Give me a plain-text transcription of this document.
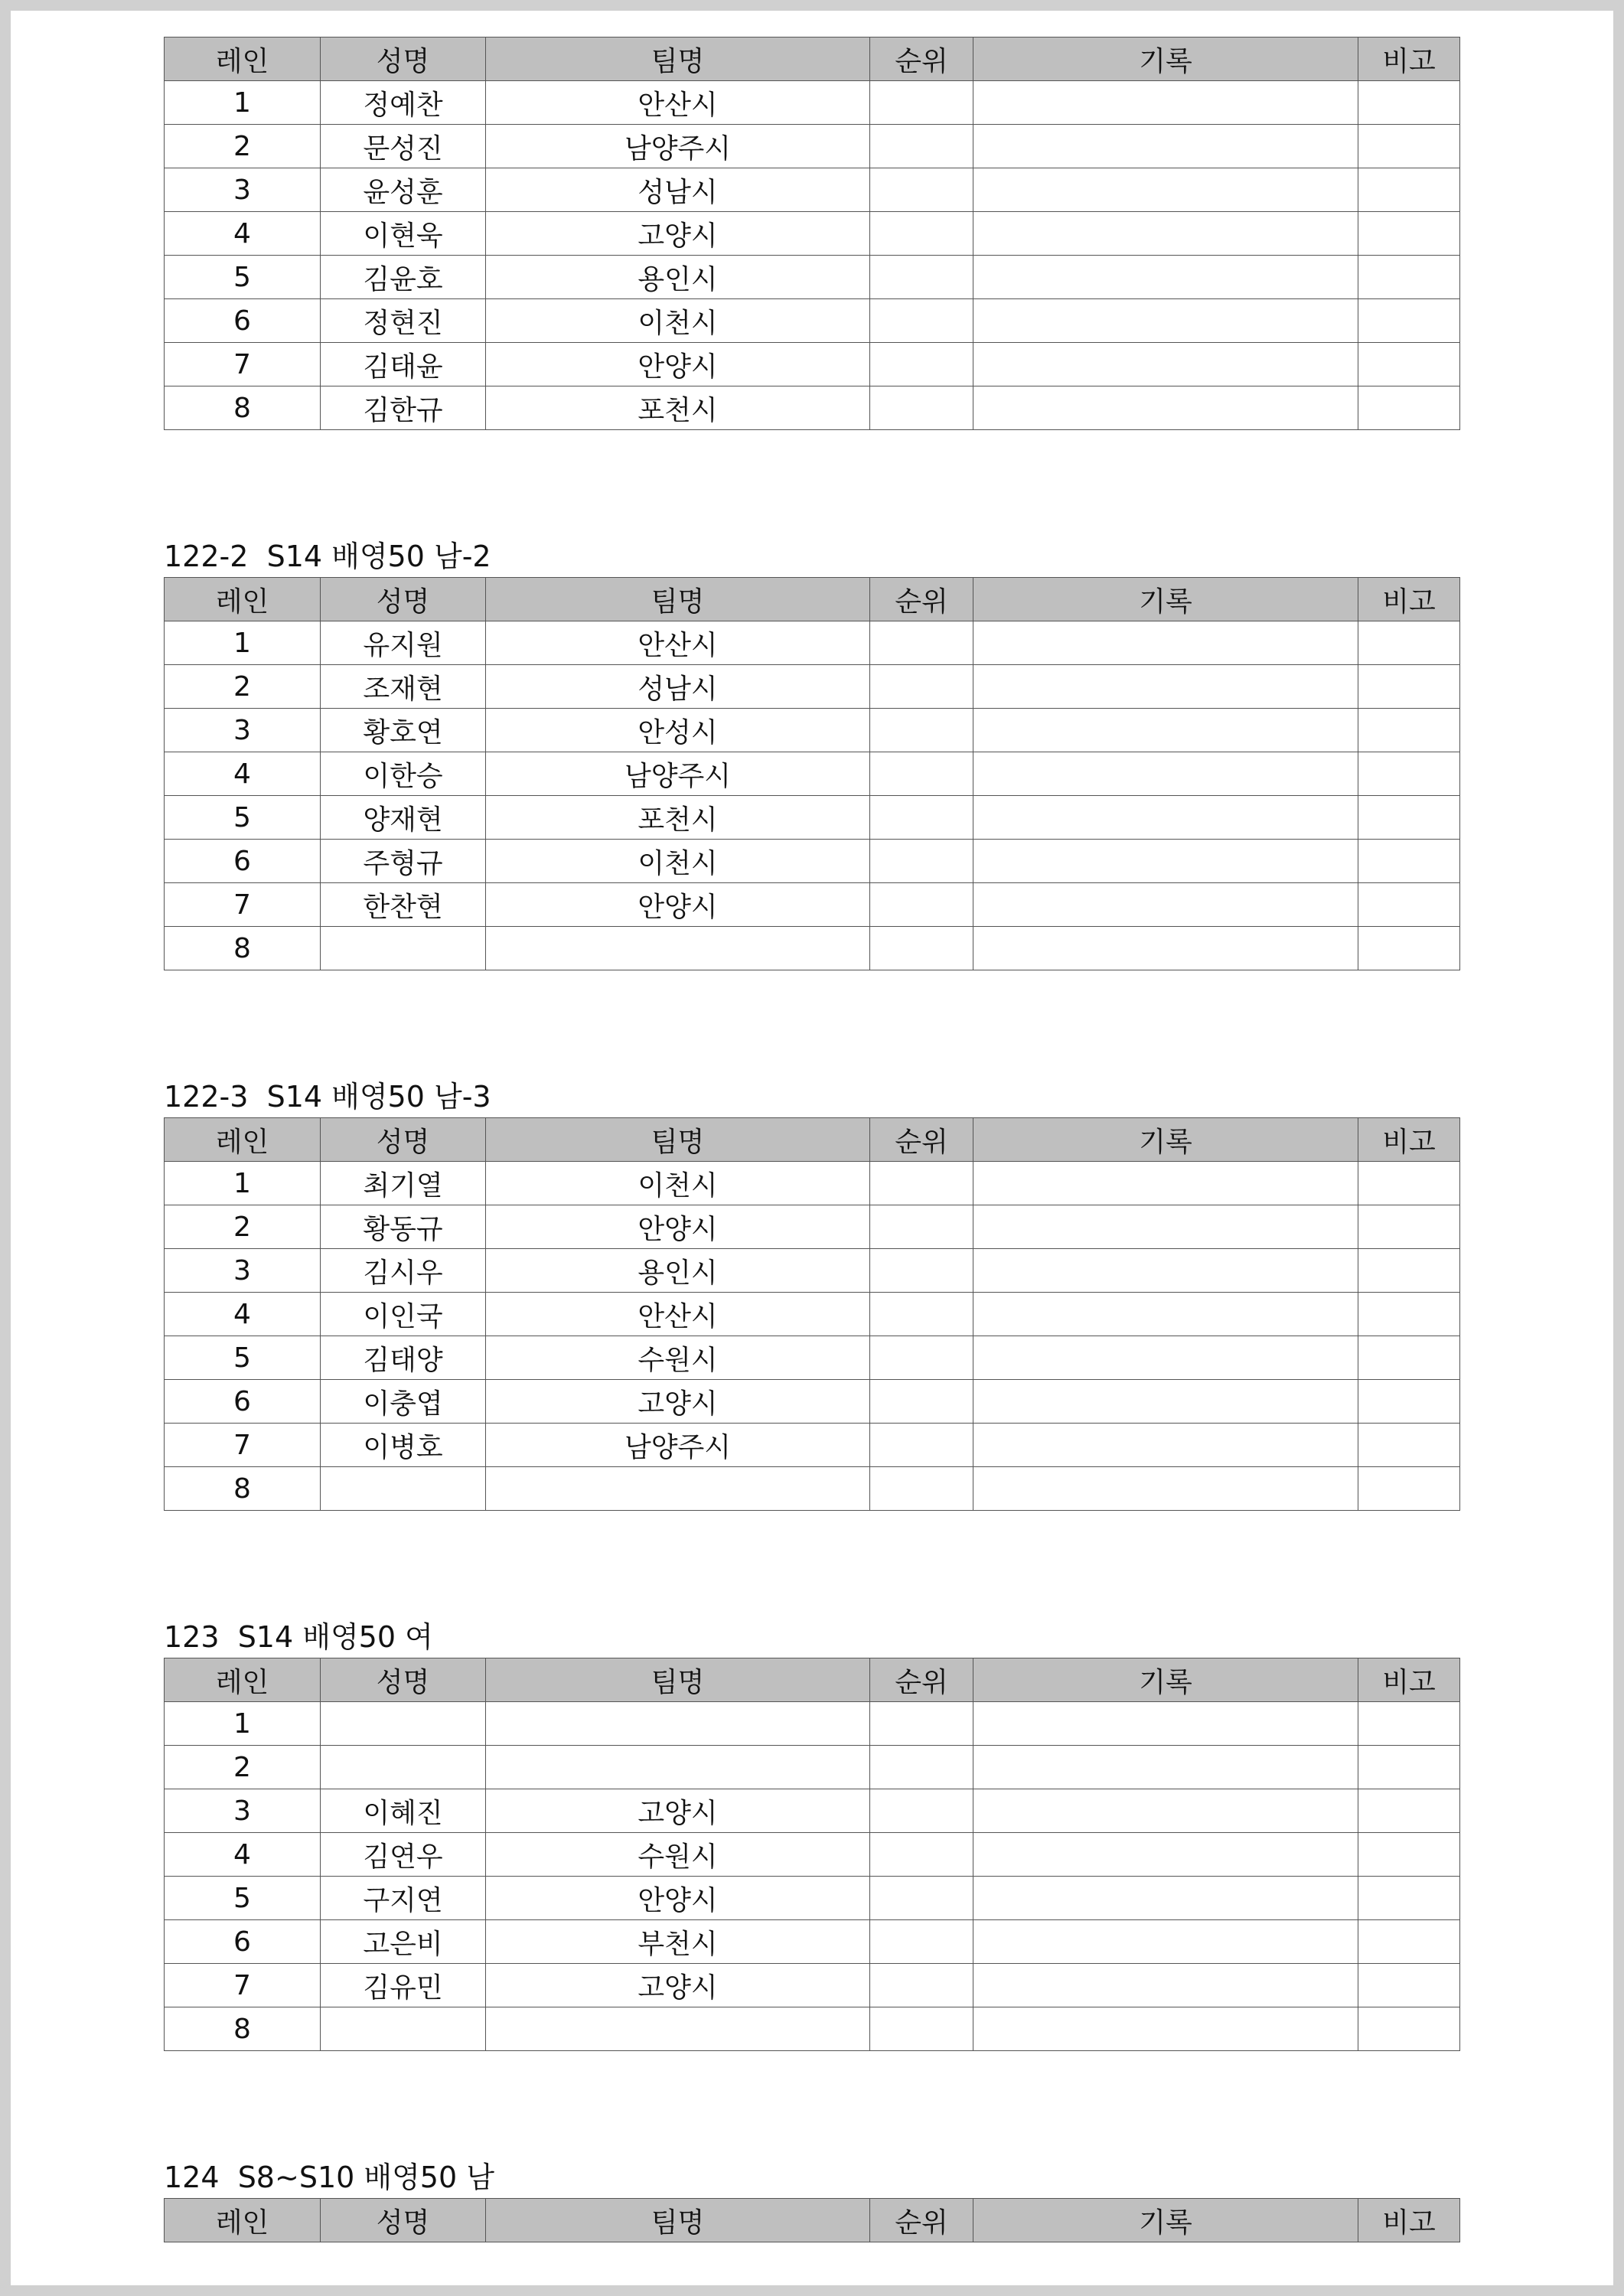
레인	성명	팀명	순위	기록	비고
1	정예찬	안산시			
2	문성진	남양주시			
3	윤성훈	성남시			
4	이현욱	고양시			
5	김윤호	용인시			
6	정현진	이천시			
7	김태윤	안양시			
8	김한규	포천시			
122-2  S14 배영50 남-2
레인	성명	팀명	순위	기록	비고
1	유지원	안산시			
2	조재현	성남시			
3	황호연	안성시			
4	이한승	남양주시			
5	양재현	포천시			
6	주형규	이천시			
7	한찬현	안양시			
8					
122-3  S14 배영50 남-3
레인	성명	팀명	순위	기록	비고
1	최기열	이천시			
2	황동규	안양시			
3	김시우	용인시			
4	이인국	안산시			
5	김태양	수원시			
6	이충엽	고양시			
7	이병호	남양주시			
8					
123  S14 배영50 여
레인	성명	팀명	순위	기록	비고
1					
2					
3	이혜진	고양시			
4	김연우	수원시			
5	구지연	안양시			
6	고은비	부천시			
7	김유민	고양시			
8					
124  S8~S10 배영50 남
레인	성명	팀명	순위	기록	비고
